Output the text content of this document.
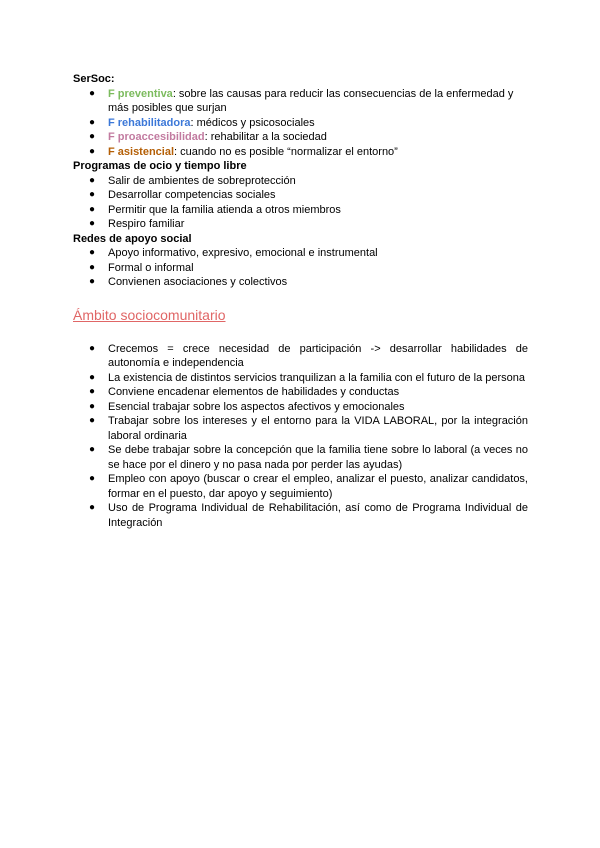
SerSoc:

● F preventiva: sobre las causas para reducir las consecuencias de la enfermedad y más posibles que surjan
● F rehabilitadora: médicos y psicosociales
● F proaccesibilidad: rehabilitar a la sociedad
● F asistencial: cuando no es posible “normalizar el entorno”

Programas de ocio y tiempo libre

● Salir de ambientes de sobreprotección
● Desarrollar competencias sociales
● Permitir que la familia atienda a otros miembros
● Respiro familiar

Redes de apoyo social

● Apoyo informativo, expresivo, emocional e instrumental
● Formal o informal
● Convienen asociaciones y colectivos
Ámbito sociocomunitario
● Crecemos = crece necesidad de participación -> desarrollar habilidades de autonomía e independencia
● La existencia de distintos servicios tranquilizan a la familia con el futuro de la persona
● Conviene encadenar elementos de habilidades y conductas
● Esencial trabajar sobre los aspectos afectivos y emocionales
● Trabajar sobre los intereses y el entorno para la VIDA LABORAL, por la integración laboral ordinaria
● Se debe trabajar sobre la concepción que la familia tiene sobre lo laboral (a veces no se hace por el dinero y no pasa nada por perder las ayudas)
● Empleo con apoyo (buscar o crear el empleo, analizar el puesto, analizar candidatos, formar en el puesto, dar apoyo y seguimiento)
● Uso de Programa Individual de Rehabilitación, así como de Programa Individual de Integración
